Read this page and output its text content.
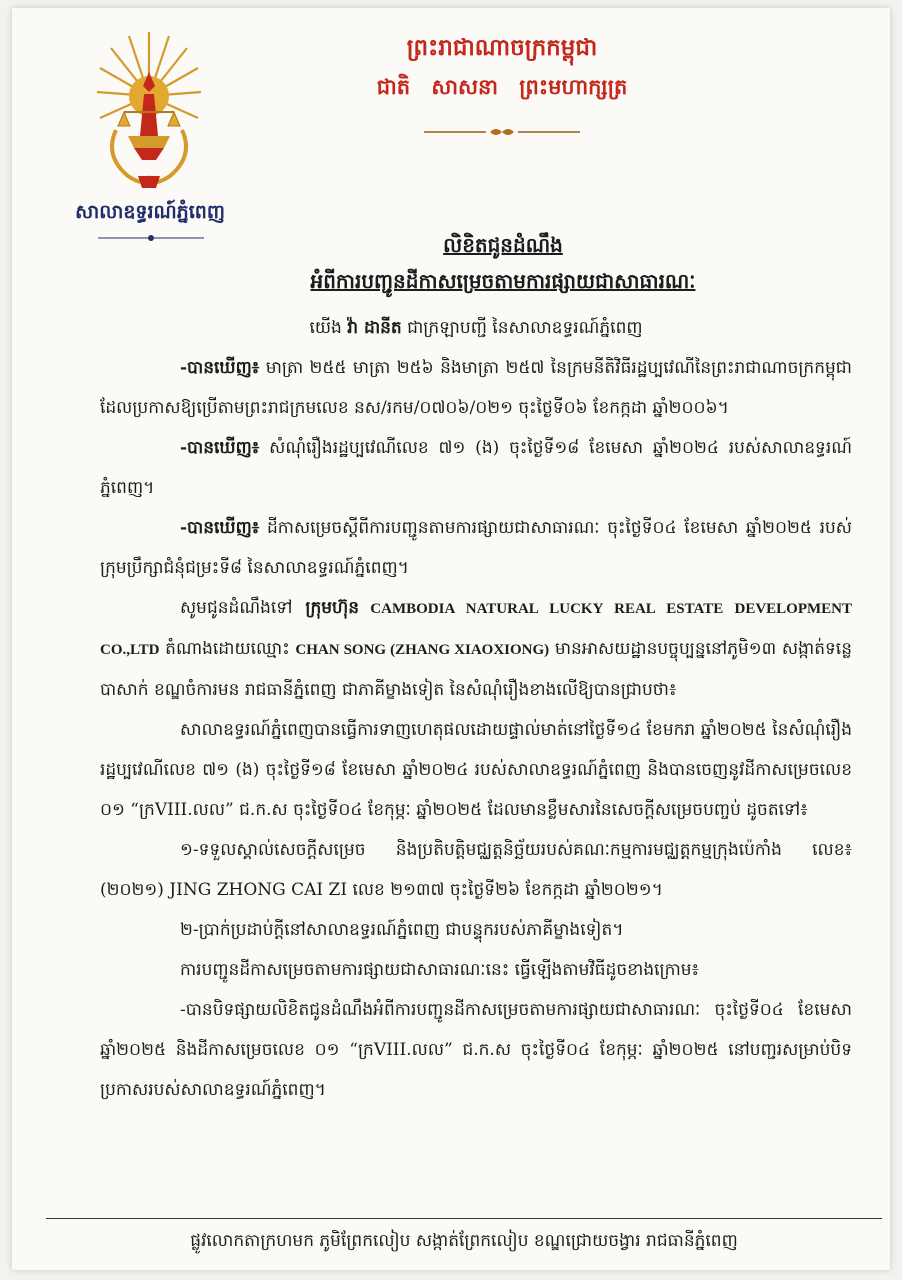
សាលាឧទ្ធរណ៍ភ្នំពេញ
ព្រះរាជាណាចក្រកម្ពុជា
ជាតិ សាសនា ព្រះមហាក្សត្រ
លិខិតជូនដំណឹង
អំពីការបញ្ជូនដីកាសម្រេចតាមការផ្សាយជាសាធារណៈ

យើង វ៉ា ដានីត ជាក្រឡាបញ្ជី នៃសាលាឧទ្ធរណ៍ភ្នំពេញ

-បានឃើញ៖ មាត្រា ២៥៥ មាត្រា ២៥៦ និងមាត្រា ២៥៧ នៃក្រមនីតិវិធីរដ្ឋប្បវេណីនៃព្រះរាជាណាចក្រកម្ពុជា ដែលប្រកាសឱ្យប្រើតាមព្រះរាជក្រមលេខ នស/រកម/០៧០៦/០២១ ចុះថ្ងៃទី០៦ ខែកក្កដា ឆ្នាំ២០០៦។

-បានឃើញ៖ សំណុំរឿងរដ្ឋប្បវេណីលេខ ៧១ (ង) ចុះថ្ងៃទី១៨ ខែមេសា ឆ្នាំ២០២៤ របស់សាលាឧទ្ធរណ៍ភ្នំពេញ។

-បានឃើញ៖ ដីកាសម្រេចស្តីពីការបញ្ជូនតាមការផ្សាយជាសាធារណៈ ចុះថ្ងៃទី០៤ ខែមេសា ឆ្នាំ២០២៥ របស់ក្រុមប្រឹក្សាជំនុំជម្រះទី៨ នៃសាលាឧទ្ធរណ៍ភ្នំពេញ។

សូមជូនដំណឹងទៅ ក្រុមហ៊ុន CAMBODIA NATURAL LUCKY REAL ESTATE DEVELOPMENT CO.,LTD តំណាងដោយឈ្មោះ CHAN SONG (ZHANG XIAOXIONG) មានអាសយដ្ឋានបច្ចុប្បន្ននៅភូមិ១៣ សង្កាត់ទន្លេបាសាក់ ខណ្ឌចំការមន រាជធានីភ្នំពេញ ជាភាគីម្ខាងទៀត នៃសំណុំរឿងខាងលើឱ្យបានជ្រាបថា៖

សាលាឧទ្ធរណ៍ភ្នំពេញបានធ្វើការទាញហេតុផលដោយផ្ទាល់មាត់នៅថ្ងៃទី១៤ ខែមករា ឆ្នាំ២០២៥ នៃសំណុំរឿងរដ្ឋប្បវេណីលេខ ៧១ (ង) ចុះថ្ងៃទី១៨ ខែមេសា ឆ្នាំ២០២៤ របស់សាលាឧទ្ធរណ៍ភ្នំពេញ និងបានចេញនូវដីកាសម្រេចលេខ ០១ “ក្រVIII.លល” ជ.ក.ស ចុះថ្ងៃទី០៤ ខែកុម្ភៈ ឆ្នាំ២០២៥ ដែលមានខ្លឹមសារនៃសេចក្តីសម្រេចបញ្ចប់ ដូចតទៅ៖

១-ទទួលស្គាល់សេចក្តីសម្រេច និងប្រតិបត្តិមជ្ឈត្តនិច្ឆ័យរបស់គណៈកម្មការមជ្ឈត្តកម្មក្រុងប៉េកាំង លេខ៖ (២០២១) JING ZHONG CAI ZI លេខ ២១៣៧ ចុះថ្ងៃទី២៦ ខែកក្កដា ឆ្នាំ២០២១។

២-ប្រាក់ប្រដាប់ក្តីនៅសាលាឧទ្ធរណ៍ភ្នំពេញ ជាបន្ទុករបស់ភាគីម្ខាងទៀត។

ការបញ្ជូនដីកាសម្រេចតាមការផ្សាយជាសាធារណៈនេះ ធ្វើឡើងតាមវិធីដូចខាងក្រោម៖

-បានបិទផ្សាយលិខិតជូនដំណឹងអំពីការបញ្ជូនដីកាសម្រេចតាមការផ្សាយជាសាធារណៈ ចុះថ្ងៃទី០៤ ខែមេសា ឆ្នាំ២០២៥ និងដីកាសម្រេចលេខ ០១ “ក្រVIII.លល” ជ.ក.ស ចុះថ្ងៃទី០៤ ខែកុម្ភៈ ឆ្នាំ២០២៥ នៅបញ្ជរសម្រាប់បិទប្រកាសរបស់សាលាឧទ្ធរណ៍ភ្នំពេញ។

ផ្លូវលោកតាក្រហមក ភូមិព្រែកលៀប សង្កាត់ព្រែកលៀប ខណ្ឌជ្រោយចង្វារ រាជធានីភ្នំពេញ
